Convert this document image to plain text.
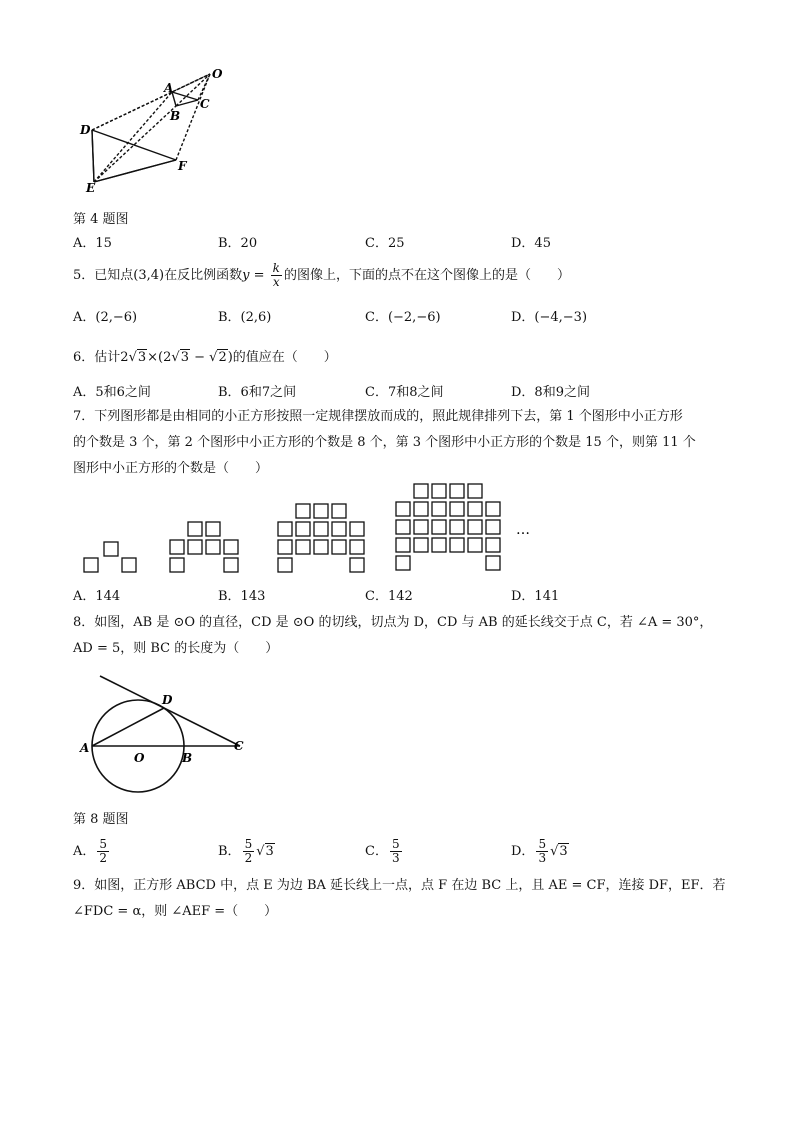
A
B
C
O
D
E
F
第 4 题图
A．15	B．20	C．25	D．45
5．已知点(3,4)在反比例函数$y = \frac{k}{x}$ 的图像上，下面的点不在这个图像上的是（　　）
A．(2,−6)	B．(2,6)	C．(−2,−6)	D．(−4,−3)
6．估计2√3×(2√3 − √2)的值应在（　　）
A．5和6之间	B．6和7之间	C．7和8之间	D．8和9之间
7．下列图形都是由相同的小正方形按照一定规律摆放而成的，照此规律排列下去，第 1 个图形中小正方形
的个数是 3 个，第 2 个图形中小正方形的个数是 8 个，第 3 个图形中小正方形的个数是 15 个，则第 11 个
图形中小正方形的个数是（　　）
…
A．144	B．143	C．142	D．141
8．如图，AB 是 ⊙O 的直径，CD 是 ⊙O 的切线，切点为 D，CD 与 AB 的延长线交于点 C，若 ∠A = 30°，
AD = 5，则 BC 的长度为（　　）
A
O	B
C
D
第 8 题图
A． $\frac{5}{2}$	B． $\frac{5}{2} √3$	C． $\frac{5}{3}$	D． $\frac{5}{3} √3$
9．如图，正方形 ABCD 中，点 E 为边 BA 延长线上一点，点 F 在边 BC 上，且 AE = CF，连接 DF，EF．若
∠FDC = α，则 ∠AEF =（　　）
